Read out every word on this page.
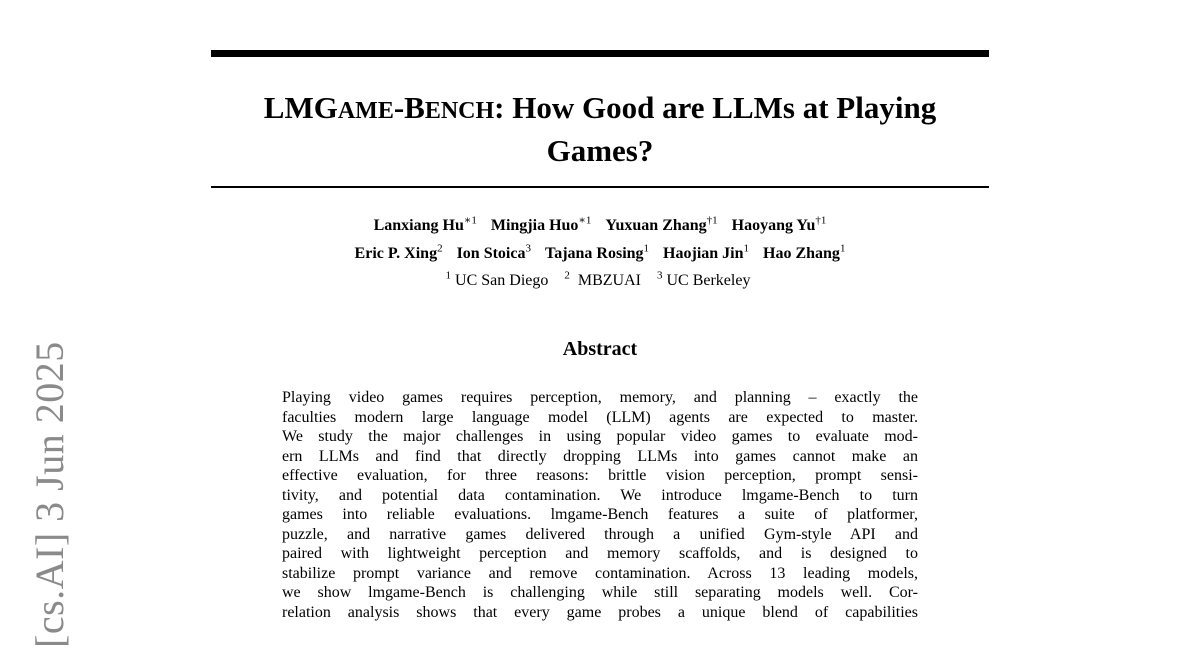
[cs.AI] 3 Jun 2025
LMGAME-BENCH: How Good are LLMs at Playing Games?
Lanxiang $Hu^{∗1}$ Mingjia Huo$^{∗1}$ Yuxuan Zhang$^{\dagger 1}$ Haoyang Yu$^{\dagger 1}$
Eric P. Xing$^2$ Ion Stoica$^3$ Tajana Rosing$^1$ Haojian Jin$^1$ Hao Zhang$^1$
$^1$ UC San Diego $^2$ MBZUAI $^3$ UC Berkeley
Abstract
Playing video games requires perception, memory, and planning – exactly the
faculties modern large language model (LLM) agents are expected to master.
We study the major challenges in using popular video games to evaluate mod-
ern LLMs and find that directly dropping LLMs into games cannot make an
effective evaluation, for three reasons: brittle vision perception, prompt sensi-
tivity, and potential data contamination. We introduce lmgame-Bench to turn
games into reliable evaluations. lmgame-Bench features a suite of platformer,
puzzle, and narrative games delivered through a unified Gym-style API and
paired with lightweight perception and memory scaffolds, and is designed to
stabilize prompt variance and remove contamination. Across 13 leading models,
we show lmgame-Bench is challenging while still separating models well. Cor-
relation analysis shows that every game probes a unique blend of capabilities
